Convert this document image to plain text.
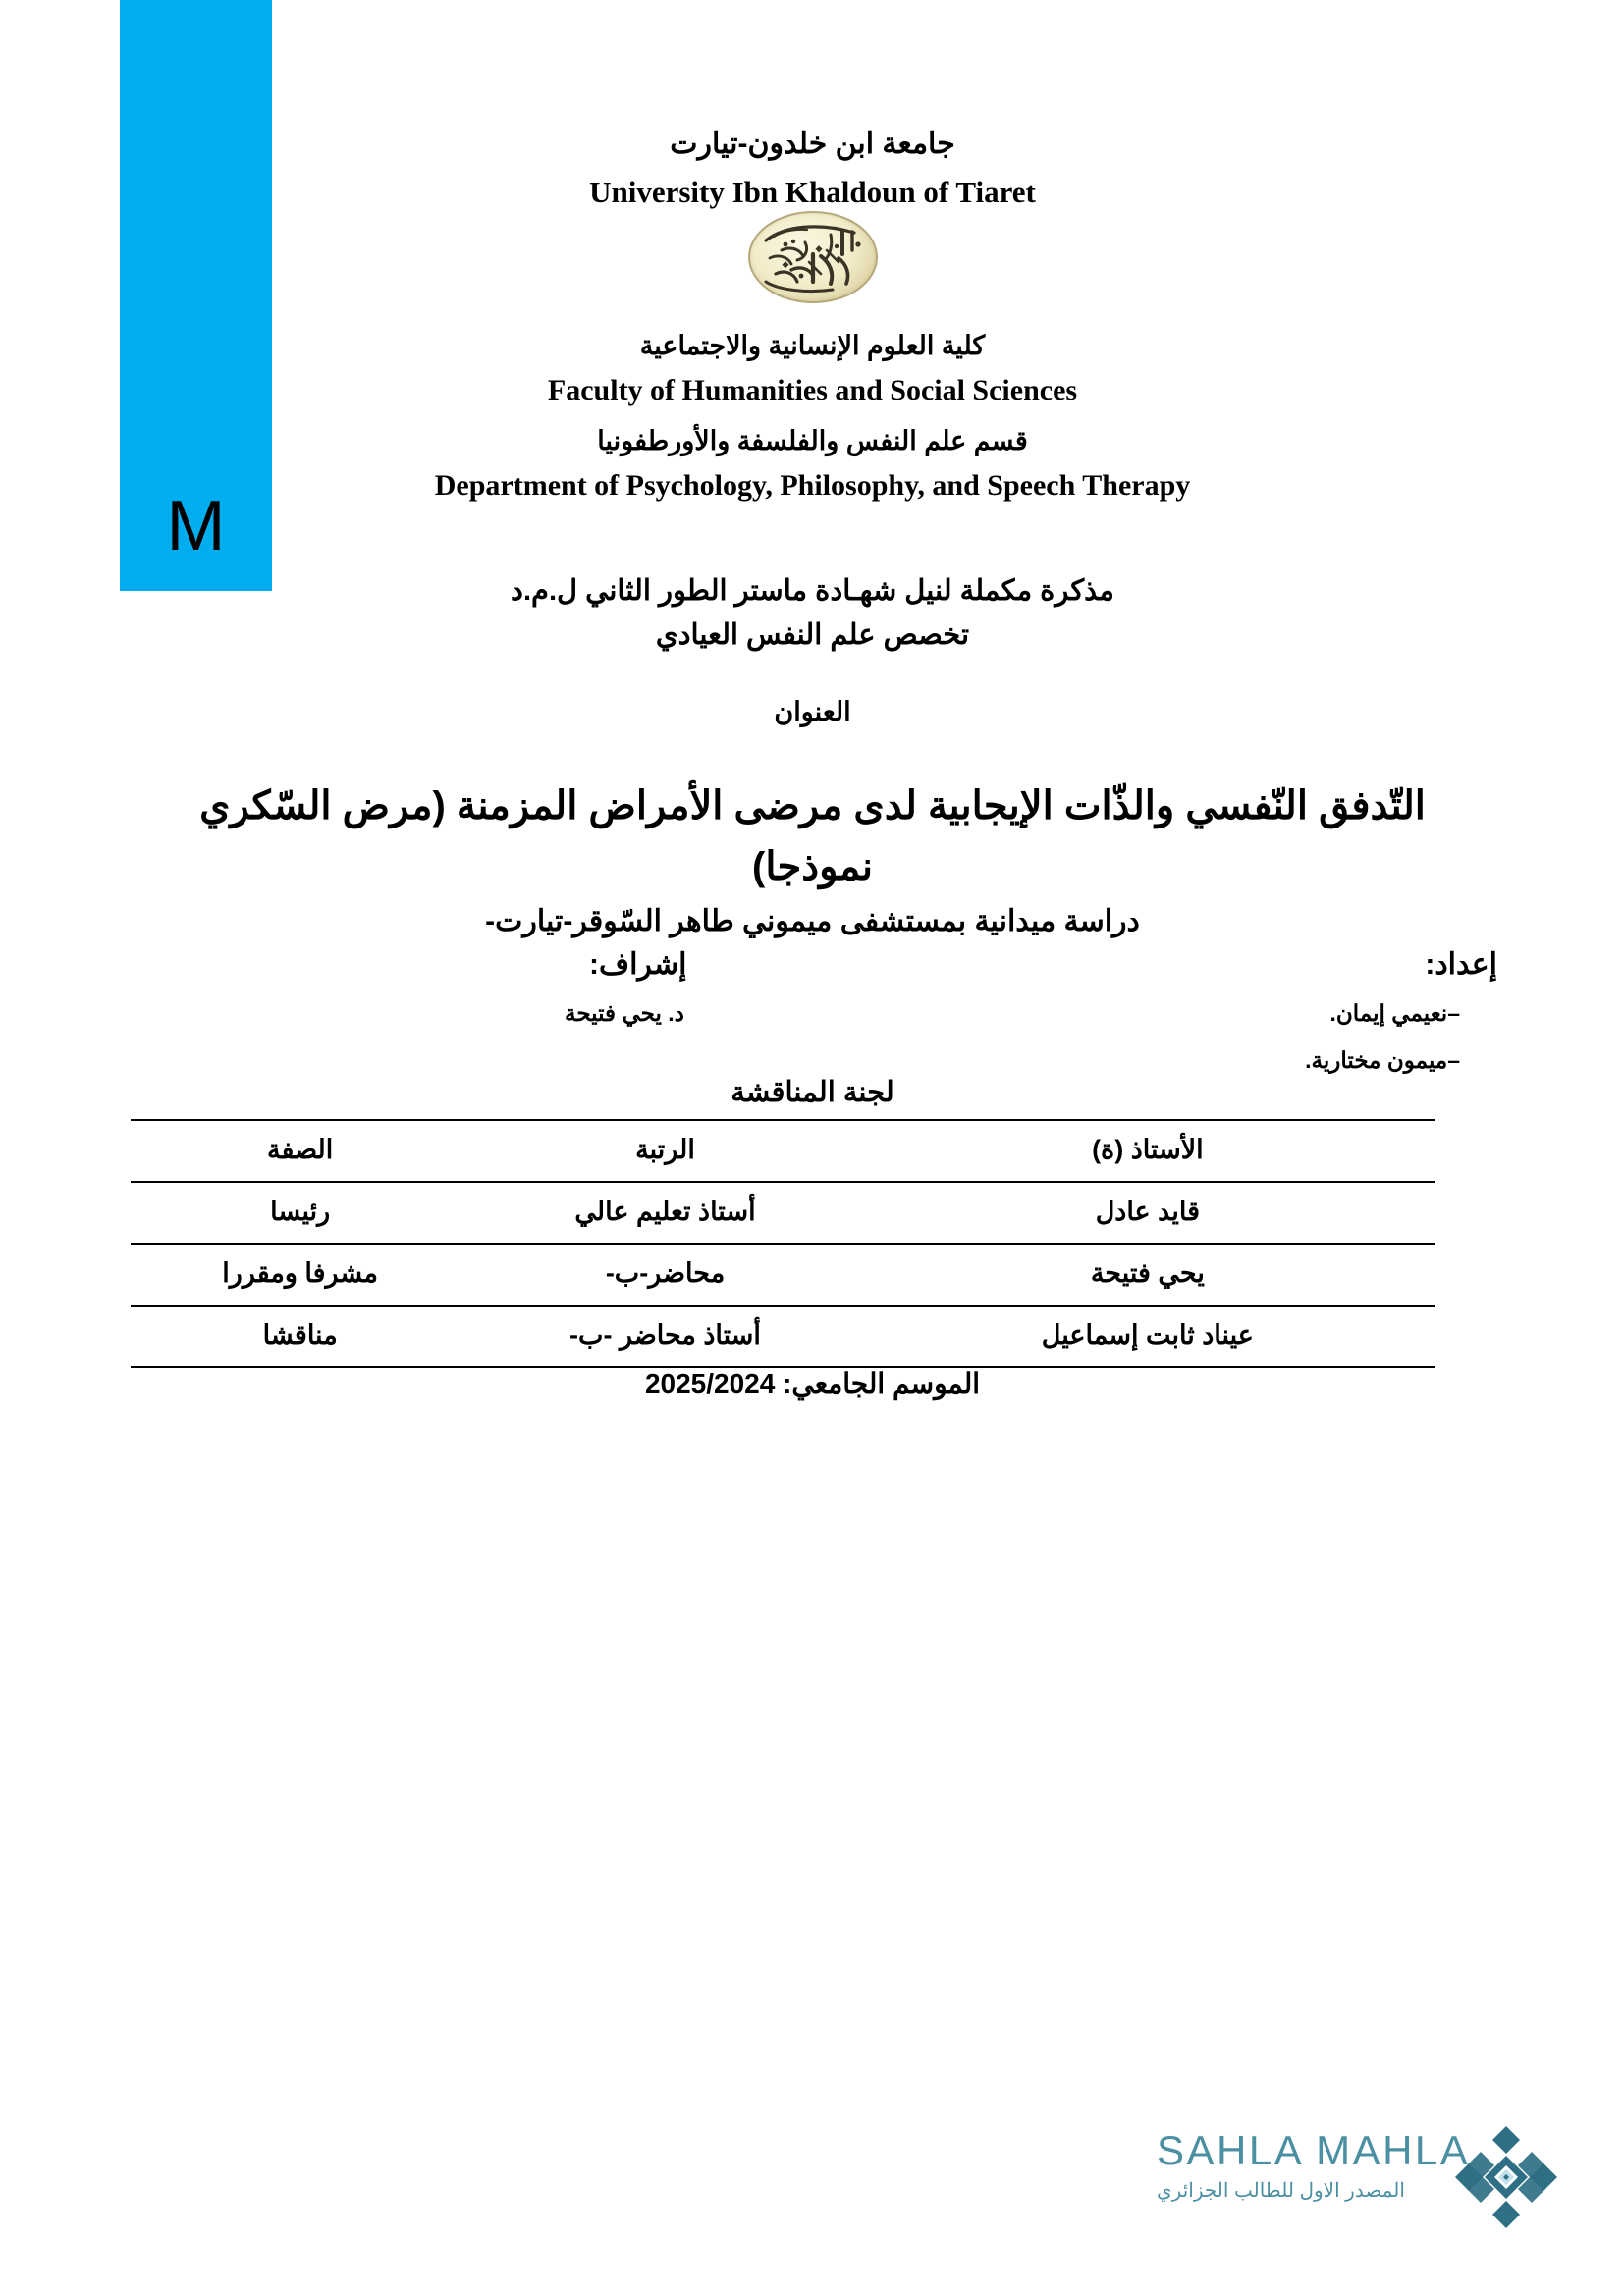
M
جامعة ابن خلدون-تيارت
University Ibn Khaldoun of Tiaret
كلية العلوم الإنسانية والاجتماعية
Faculty of Humanities and Social Sciences
قسم علم النفس والفلسفة والأورطفونيا
Department of Psychology, Philosophy, and Speech Therapy
مذكرة مكملة لنيل شهـادة ماستر الطور الثاني ل.م.د
تخصص علم النفس العيادي
العنوان
التّدفق النّفسي والذّات الإيجابية لدى مرضى الأمراض المزمنة (مرض السّكري نموذجا)
دراسة ميدانية بمستشفى ميموني طاهر السّوقر-تيارت-
إعداد:
إشراف:
–نعيمي إيمان.
د. يحي فتيحة
–ميمون مختارية.
لجنة المناقشة
الأستاذ (ة)	الرتبة	الصفة
قايد عادل	أستاذ تعليم عالي	رئيسا
يحي فتيحة	محاضر-ب-	مشرفا ومقررا
عيناد ثابت إسماعيل	أستاذ محاضر -ب-	مناقشا
الموسم الجامعي: 2025/2024
SAHLA MAHLA
المصدر الاول للطالب الجزائري
